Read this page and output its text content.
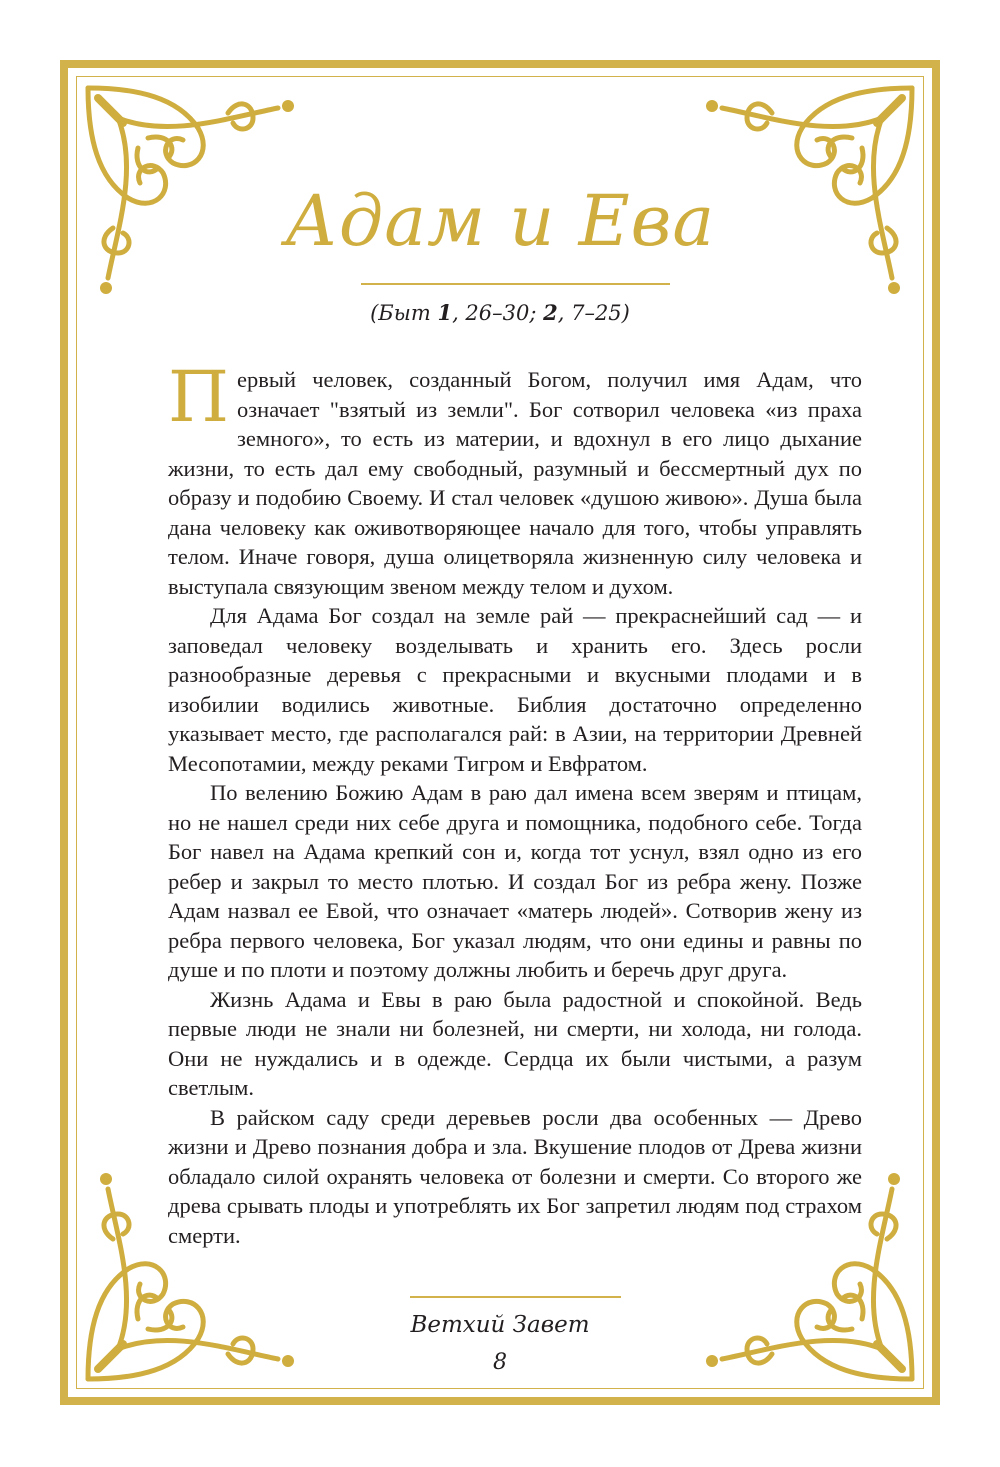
Адам и Ева
(Быт 1, 26–30; 2, 7–25)

Первый человек, созданный Богом, получил имя Адам, что означает "взятый из земли". Бог сотворил человека «из праха земного», то есть из материи, и вдохнул в его лицо дыхание жизни, то есть дал ему свободный, разумный и бессмертный дух по образу и подобию Своему. И стал человек «душою живою». Душа была дана человеку как оживотворяющее начало для того, чтобы управлять телом. Иначе говоря, душа олицетворяла жизненную силу человека и выступала связующим звеном между телом и духом.

Для Адама Бог создал на земле рай — прекраснейший сад — и заповедал человеку возделывать и хранить его. Здесь росли разнообразные деревья с прекрасными и вкусными плодами и в изобилии водились животные. Библия достаточно определенно указывает место, где располагался рай: в Азии, на территории Древней Месопотамии, между реками Тигром и Евфратом.

По велению Божию Адам в раю дал имена всем зверям и птицам, но не нашел среди них себе друга и помощника, подобного себе. Тогда Бог навел на Адама крепкий сон и, когда тот уснул, взял одно из его ребер и закрыл то место плотью. И создал Бог из ребра жену. Позже Адам назвал ее Евой, что означает «матерь людей». Сотворив жену из ребра первого человека, Бог указал людям, что они едины и равны по душе и по плоти и поэтому должны любить и беречь друг друга.

Жизнь Адама и Евы в раю была радостной и спокойной. Ведь первые люди не знали ни болезней, ни смерти, ни холода, ни голода. Они не нуждались и в одежде. Сердца их были чистыми, а разум светлым.

В райском саду среди деревьев росли два особенных — Древо жизни и Древо познания добра и зла. Вкушение плодов от Древа жизни обладало силой охранять человека от болезни и смерти. Со второго же древа срывать плоды и употреблять их Бог запретил людям под страхом смерти.

Ветхий Завет
8
